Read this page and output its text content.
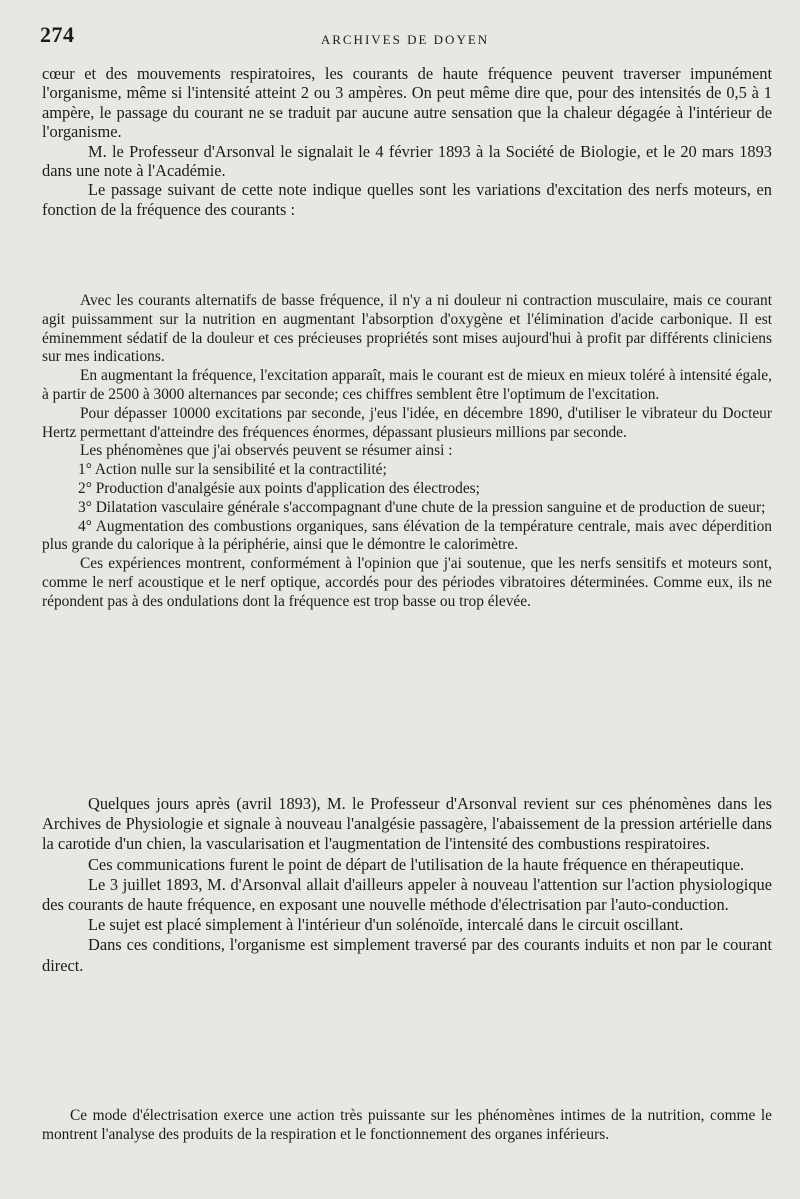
274	ARCHIVES DE DOYEN

cœur et des mouvements respiratoires, les courants de haute fréquence peuvent traverser impunément l'organisme, même si l'intensité atteint 2 ou 3 ampères. On peut même dire que, pour des intensités de 0,5 à 1 ampère, le passage du courant ne se traduit par aucune autre sensation que la chaleur dégagée à l'intérieur de l'organisme.

M. le Professeur d'Arsonval le signalait le 4 février 1893 à la Société de Biologie, et le 20 mars 1893 dans une note à l'Académie.

Le passage suivant de cette note indique quelles sont les variations d'excitation des nerfs moteurs, en fonction de la fréquence des courants :

Avec les courants alternatifs de basse fréquence, il n'y a ni douleur ni contraction musculaire, mais ce courant agit puissamment sur la nutrition en augmentant l'absorption d'oxygène et l'élimination d'acide carbonique. Il est éminemment sédatif de la douleur et ces précieuses propriétés sont mises aujourd'hui à profit par différents cliniciens sur mes indications.

En augmentant la fréquence, l'excitation apparaît, mais le courant est de mieux en mieux toléré à intensité égale, à partir de 2500 à 3000 alternances par seconde; ces chiffres semblent être l'optimum de l'excitation.

Pour dépasser 10000 excitations par seconde, j'eus l'idée, en décembre 1890, d'utiliser le vibrateur du Docteur Hertz permettant d'atteindre des fréquences énormes, dépassant plusieurs millions par seconde.

Les phénomènes que j'ai observés peuvent se résumer ainsi :

1° Action nulle sur la sensibilité et la contractilité;

2° Production d'analgésie aux points d'application des électrodes;

3° Dilatation vasculaire générale s'accompagnant d'une chute de la pression sanguine et de production de sueur;

4° Augmentation des combustions organiques, sans élévation de la température centrale, mais avec déperdition plus grande du calorique à la périphérie, ainsi que le démontre le calorimètre.

Ces expériences montrent, conformément à l'opinion que j'ai soutenue, que les nerfs sensitifs et moteurs sont, comme le nerf acoustique et le nerf optique, accordés pour des périodes vibratoires déterminées. Comme eux, ils ne répondent pas à des ondulations dont la fréquence est trop basse ou trop élevée.

Quelques jours après (avril 1893), M. le Professeur d'Arsonval revient sur ces phénomènes dans les Archives de Physiologie et signale à nouveau l'analgésie passagère, l'abaissement de la pression artérielle dans la carotide d'un chien, la vascularisation et l'augmentation de l'intensité des combustions respiratoires.

Ces communications furent le point de départ de l'utilisation de la haute fréquence en thérapeutique.

Le 3 juillet 1893, M. d'Arsonval allait d'ailleurs appeler à nouveau l'attention sur l'action physiologique des courants de haute fréquence, en exposant une nouvelle méthode d'électrisation par l'auto-conduction.

Le sujet est placé simplement à l'intérieur d'un solénoïde, intercalé dans le circuit oscillant.

Dans ces conditions, l'organisme est simplement traversé par des courants induits et non par le courant direct.

Ce mode d'électrisation exerce une action très puissante sur les phénomènes intimes de la nutrition, comme le montrent l'analyse des produits de la respiration et le fonctionnement des organes inférieurs.
